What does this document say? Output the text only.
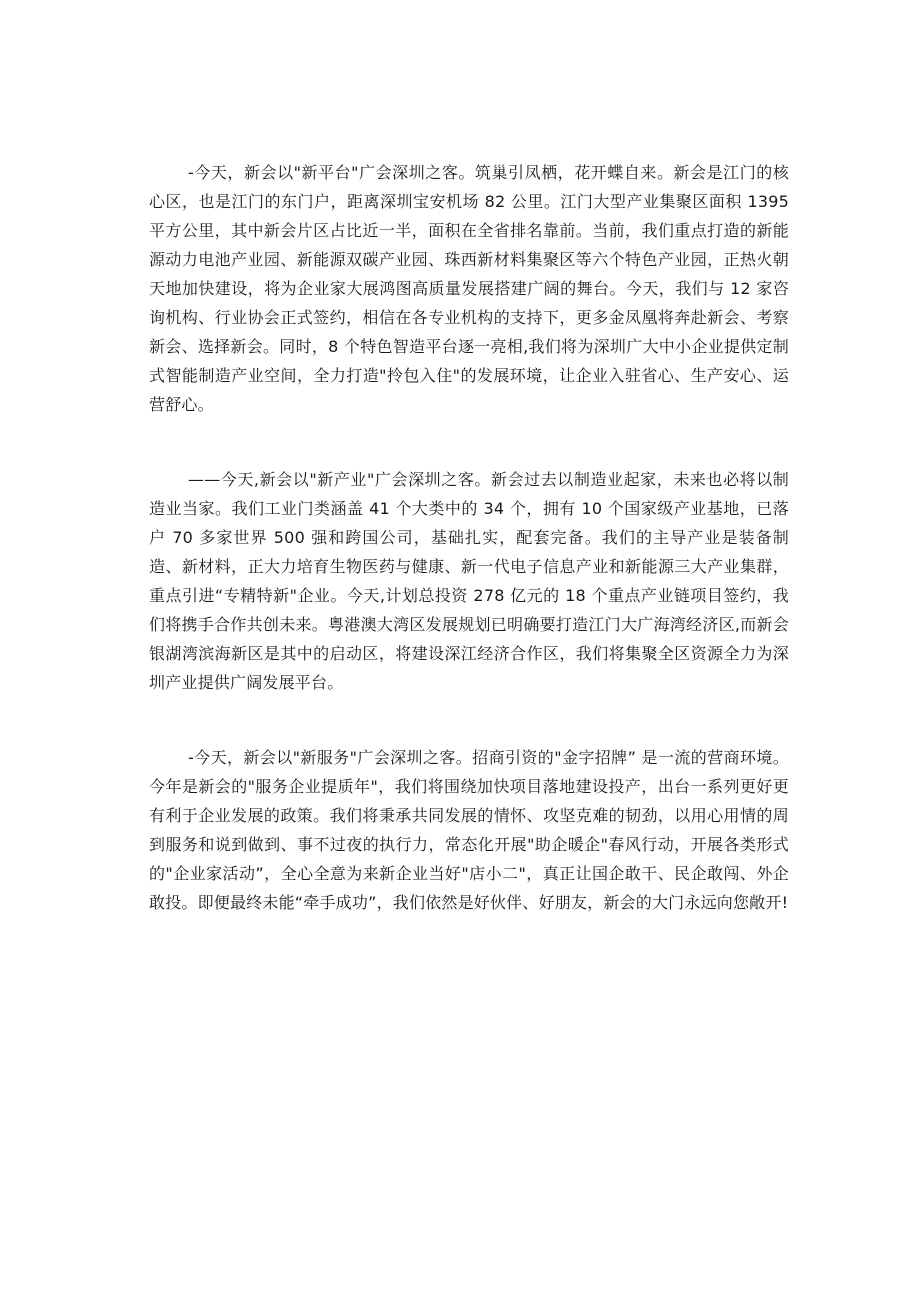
-今天，新会以"新平台"广会深圳之客。筑巢引凤栖，花开蝶自来。新会是江门的核心区，也是江门的东门户，距离深圳宝安机场 82 公里。江门大型产业集聚区面积 1395 平方公里，其中新会片区占比近一半，面积在全省排名靠前。当前，我们重点打造的新能源动力电池产业园、新能源双碳产业园、珠西新材料集聚区等六个特色产业园，正热火朝天地加快建设，将为企业家大展鸿图高质量发展搭建广阔的舞台。今天，我们与 12 家咨询机构、行业协会正式签约，相信在各专业机构的支持下，更多金凤凰将奔赴新会、考察新会、选择新会。同时，8 个特色智造平台逐一亮相,我们将为深圳广大中小企业提供定制式智能制造产业空间，全力打造"拎包入住"的发展环境，让企业入驻省心、生产安心、运营舒心。

——今天,新会以"新产业"广会深圳之客。新会过去以制造业起家，未来也必将以制造业当家。我们工业门类涵盖 41 个大类中的 34 个，拥有 10 个国家级产业基地，已落户 70 多家世界 500 强和跨国公司，基础扎实，配套完备。我们的主导产业是装备制造、新材料，正大力培育生物医药与健康、新一代电子信息产业和新能源三大产业集群，重点引进“专精特新"企业。今天,计划总投资 278 亿元的 18 个重点产业链项目签约，我们将携手合作共创未来。粤港澳大湾区发展规划已明确要打造江门大广海湾经济区,而新会银湖湾滨海新区是其中的启动区，将建设深江经济合作区，我们将集聚全区资源全力为深圳产业提供广阔发展平台。

-今天，新会以"新服务"广会深圳之客。招商引资的"金字招牌” 是一流的营商环境。今年是新会的"服务企业提质年"，我们将围绕加快项目落地建设投产，出台一系列更好更有利于企业发展的政策。我们将秉承共同发展的情怀、攻坚克难的韧劲，以用心用情的周到服务和说到做到、事不过夜的执行力，常态化开展"助企暖企"春风行动，开展各类形式的"企业家活动”，全心全意为来新企业当好"店小二"，真正让国企敢干、民企敢闯、外企敢投。即便最终未能“牵手成功”，我们依然是好伙伴、好朋友，新会的大门永远向您敞开!
